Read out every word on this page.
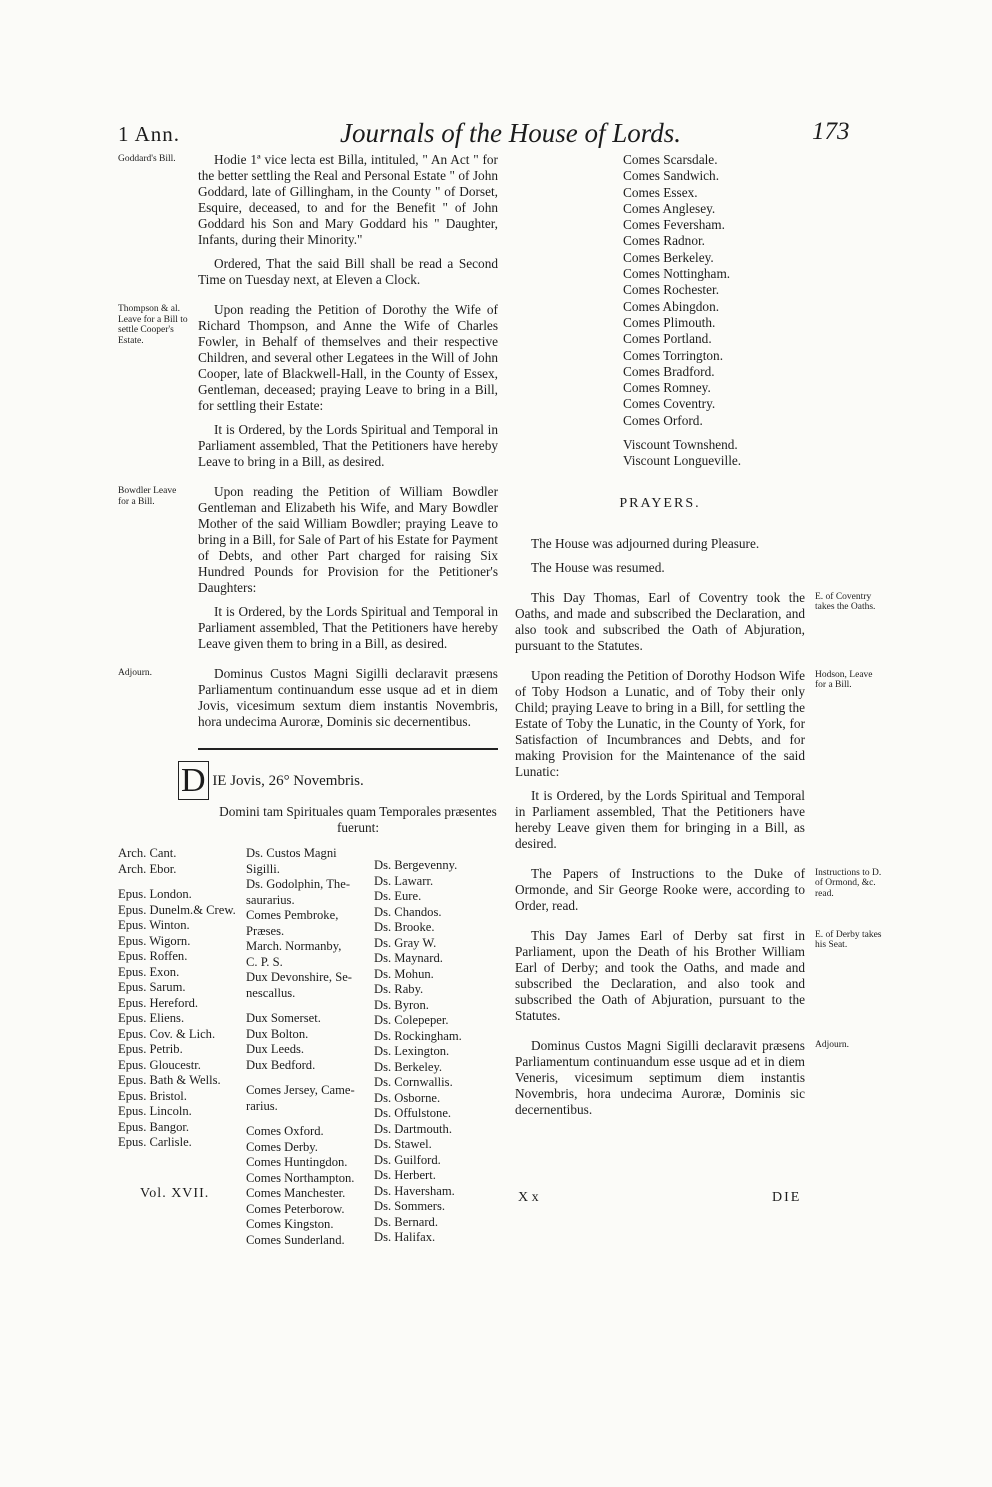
1 Ann.	Journals of the House of Lords.	173
Goddard's Bill.	Hodie 1ª vice lecta est Billa, intituled, " An Act " for the better settling the Real and Personal Estate " of John Goddard, late of Gillingham, in the County " of Dorset, Esquire, deceased, to and for the Benefit " of John Goddard his Son and Mary Goddard his " Daughter, Infants, during their Minority."

Ordered, That the said Bill shall be read a Second Time on Tuesday next, at Eleven a Clock.

Thompson & al. Leave for a Bill to settle Cooper's Estate.

Upon reading the Petition of Dorothy the Wife of Richard Thompson, and Anne the Wife of Charles Fowler, in Behalf of themselves and their respective Children, and several other Legatees in the Will of John Cooper, late of Blackwell-Hall, in the County of Essex, Gentleman, deceased; praying Leave to bring in a Bill, for settling their Estate:

It is Ordered, by the Lords Spiritual and Temporal in Parliament assembled, That the Petitioners have hereby Leave to bring in a Bill, as desired.

Bowdler Leave for a Bill.

Upon reading the Petition of William Bowdler Gentleman and Elizabeth his Wife, and Mary Bowdler Mother of the said William Bowdler; praying Leave to bring in a Bill, for Sale of Part of his Estate for Payment of Debts, and other Part charged for raising Six Hundred Pounds for Provision for the Petitioner's Daughters:

It is Ordered, by the Lords Spiritual and Temporal in Parliament assembled, That the Petitioners have hereby Leave given them to bring in a Bill, as desired.

Adjourn.	Dominus Custos Magni Sigilli declaravit præsens Parliamentum continuandum esse usque ad et in diem Jovis, vicesimum sextum diem instantis Novembris, hora undecima Auroræ, Dominis sic decernentibus.

D IE Jovis, 26° Novembris.
Domini tam Spirituales quam Temporales præsentes fuerunt:
Arch. Cant.
Arch. Ebor.
Epus. London.
Epus. Dunelm.& Crew.
Epus. Winton.
Epus. Wigorn.
Epus. Roffen.
Epus. Exon.
Epus. Sarum.
Epus. Hereford.
Epus. Eliens.
Epus. Cov. & Lich.
Epus. Petrib.
Epus. Gloucestr.
Epus. Bath & Wells.
Epus. Bristol.
Epus. Lincoln.
Epus. Bangor.
Epus. Carlisle.
Ds. Custos Magni
Sigilli.
Ds. Godolphin, The-
saurarius.
Comes Pembroke,
Præses.
March. Normanby,
C. P. S.
Dux Devonshire, Se-
nescallus.
Dux Somerset.
Dux Bolton.
Dux Leeds.
Dux Bedford.
Comes Jersey, Came-
rarius.
Comes Oxford.
Comes Derby.
Comes Huntingdon.
Comes Northampton.
Comes Manchester.
Comes Peterborow.
Comes Kingston.
Comes Sunderland.
Ds. Bergevenny.
Ds. Lawarr.
Ds. Eure.
Ds. Chandos.
Ds. Brooke.
Ds. Gray W.
Ds. Maynard.
Ds. Mohun.
Ds. Raby.
Ds. Byron.
Ds. Colepeper.
Ds. Rockingham.
Ds. Lexington.
Ds. Berkeley.
Ds. Cornwallis.
Ds. Osborne.
Ds. Offulstone.
Ds. Dartmouth.
Ds. Stawel.
Ds. Guilford.
Ds. Herbert.
Ds. Haversham.
Ds. Sommers.
Ds. Bernard.
Ds. Halifax.
Comes Scarsdale.
Comes Sandwich.
Comes Essex.
Comes Anglesey.
Comes Feversham.
Comes Radnor.
Comes Berkeley.
Comes Nottingham.
Comes Rochester.
Comes Abingdon.
Comes Plimouth.
Comes Portland.
Comes Torrington.
Comes Bradford.
Comes Romney.
Comes Coventry.
Comes Orford.
Viscount Townshend.
Viscount Longueville.
PRAYERS.

The House was adjourned during Pleasure.

The House was resumed.

E. of Coventry takes the Oaths.

This Day Thomas, Earl of Coventry took the Oaths, and made and subscribed the Declaration, and also took and subscribed the Oath of Abjuration, pursuant to the Statutes.

Hodson, Leave for a Bill.

Upon reading the Petition of Dorothy Hodson Wife of Toby Hodson a Lunatic, and of Toby their only Child; praying Leave to bring in a Bill, for settling the Estate of Toby the Lunatic, in the County of York, for Satisfaction of Incumbrances and Debts, and for making Provision for the Maintenance of the said Lunatic:

It is Ordered, by the Lords Spiritual and Temporal in Parliament assembled, That the Petitioners have hereby Leave given them for bringing in a Bill, as desired.

Instructions to D. of Ormond, &c. read.

The Papers of Instructions to the Duke of Ormonde, and Sir George Rooke were, according to Order, read.

E. of Derby takes his Seat.

This Day James Earl of Derby sat first in Parliament, upon the Death of his Brother William Earl of Derby; and took the Oaths, and made and subscribed the Declaration, and also took and subscribed the Oath of Abjuration, pursuant to the Statutes.

Adjourn.

Dominus Custos Magni Sigilli declaravit præsens Parliamentum continuandum esse usque ad et in diem Veneris, vicesimum septimum diem instantis Novembris, hora undecima Auroræ, Dominis sic decernentibus.

Vol. XVII.	X x	DIE
